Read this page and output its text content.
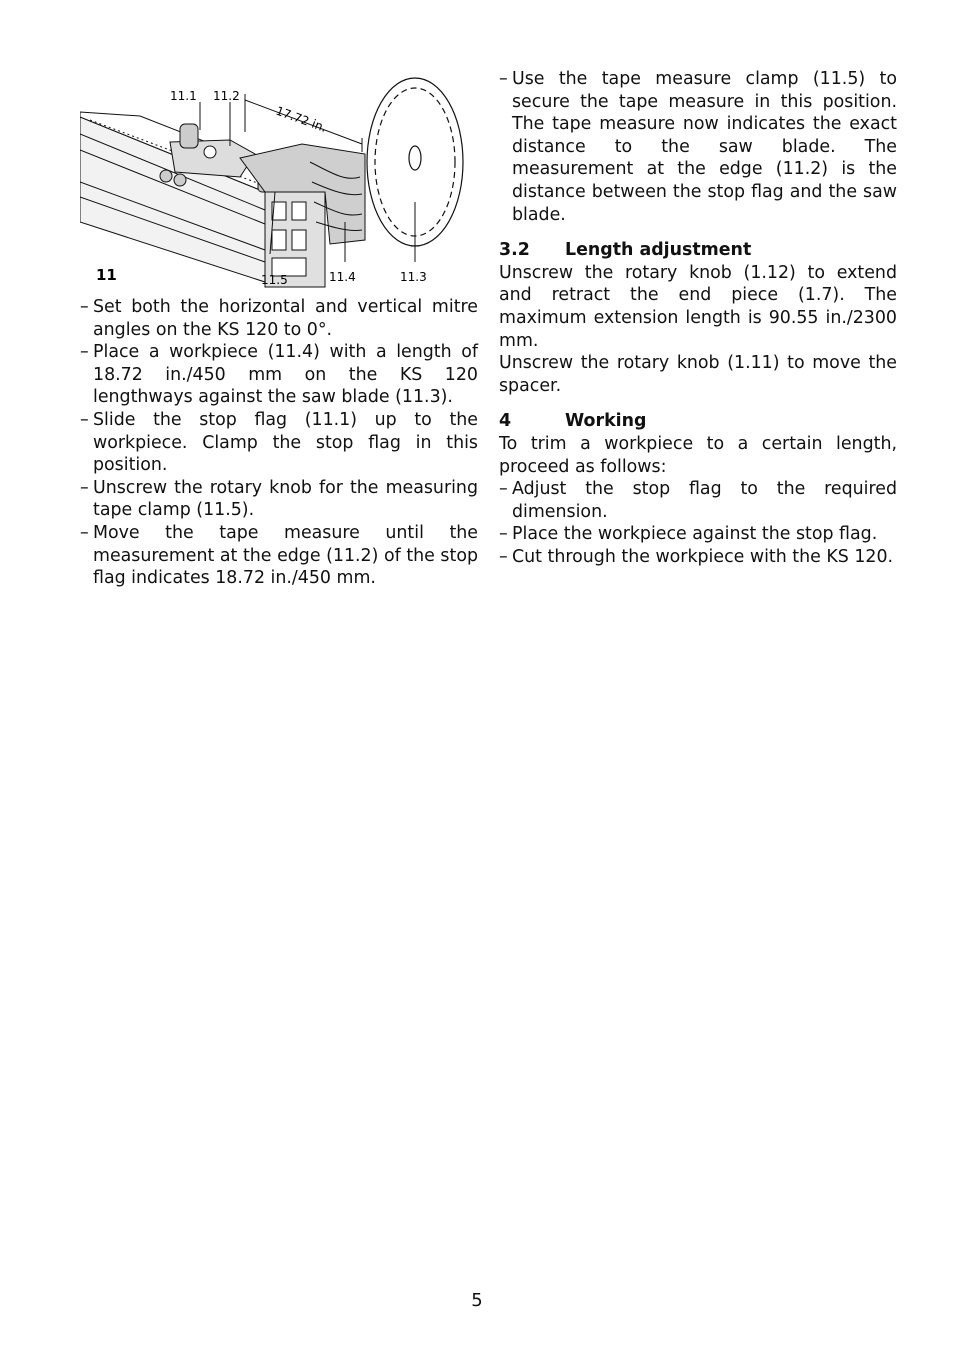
11.1 11.2
17.72 in.
11.5	11.4	11.3
11
– Set both the horizontal and vertical mitre angles on the KS 120 to 0°.
– Place a workpiece (11.4) with a length of 18.72 in./450 mm on the KS 120 lengthways against the saw blade (11.3).
– Slide the stop flag (11.1) up to the workpiece. Clamp the stop flag in this position.
– Unscrew the rotary knob for the measuring tape clamp (11.5).
– Move the tape measure until the measurement at the edge (11.2) of the stop flag indicates 18.72 in./450 mm.
– Use the tape measure clamp (11.5) to secure the tape measure in this position. The tape measure now indicates the exact distance to the saw blade. The measurement at the edge (11.2) is the distance between the stop flag and the saw blade.
3.2 Length adjustment

Unscrew the rotary knob (1.12) to extend and retract the end piece (1.7). The maximum extension length is 90.55 in./2300 mm.

Unscrew the rotary knob (1.11) to move the spacer.

4	Working

To trim a workpiece to a certain length, proceed as follows:

– Adjust the stop flag to the required dimension.
– Place the workpiece against the stop flag.
– Cut through the workpiece with the KS 120.
5
